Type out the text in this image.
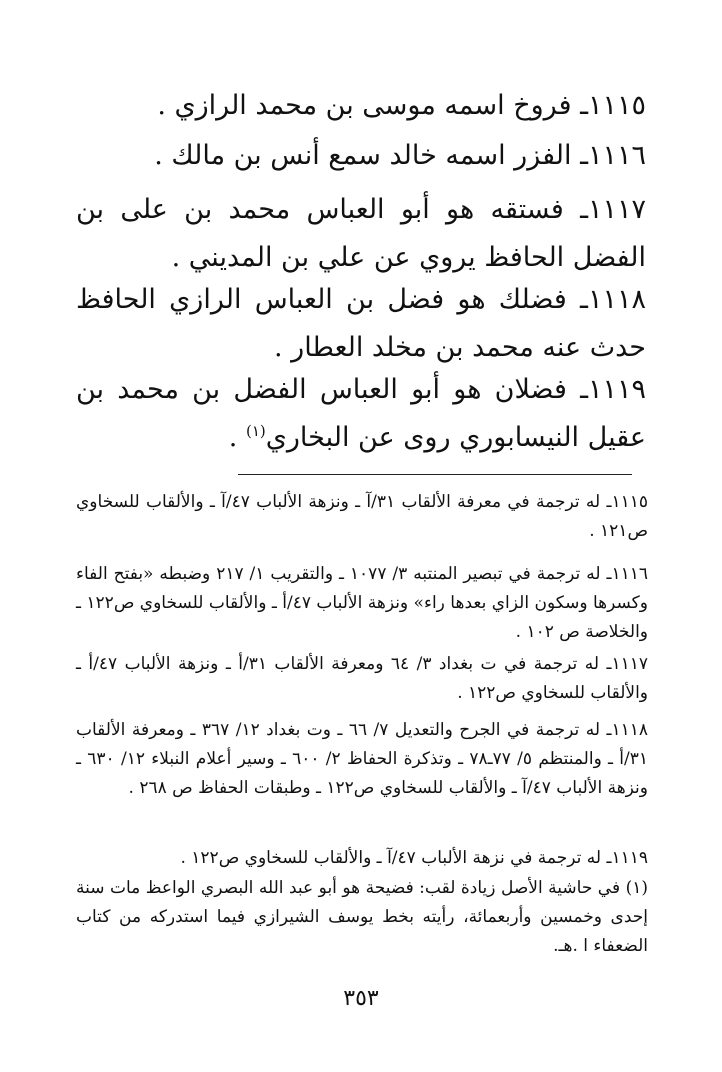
١١١٥ـ فروخ اسمه موسى بن محمد الرازي .

١١١٦ـ الفزر اسمه خالد سمع أنس بن مالك .

١١١٧ـ فستقه هو أبو العباس محمد بن على بن الفضل الحافظ يروي عن علي بن المديني .

١١١٨ـ فضلك هو فضل بن العباس الرازي الحافظ حدث عنه محمد بن مخلد العطار .

١١١٩ـ فضلان هو أبو العباس الفضل بن محمد بن عقيل النيسابوري روى عن البخاري$^{(١)}$ .

١١١٥ـ له ترجمة في معرفة الألقاب ٣١/آ ـ ونزهة الألباب ٤٧/آ ـ والألقاب للسخاوي ص١٢١ .

١١١٦ـ له ترجمة في تبصير المنتبه ٣/ ١٠٧٧ ـ والتقريب ١/ ٢١٧ وضبطه «بفتح الفاء وكسرها وسكون الزاي بعدها راء» ونزهة الألباب ٤٧/أ ـ والألقاب للسخاوي ص١٢٢ ـ والخلاصة ص ١٠٢ .

١١١٧ـ له ترجمة في ت بغداد ٣/ ٦٤ ومعرفة الألقاب ٣١/أ ـ ونزهة الألباب ٤٧/أ ـ والألقاب للسخاوي ص١٢٢ .

١١١٨ـ له ترجمة في الجرح والتعديل ٧/ ٦٦ ـ وت بغداد ١٢/ ٣٦٧ ـ ومعرفة الألقاب ٣١/أ ـ والمنتظم ٥/ ٧٧ـ٧٨ ـ وتذكرة الحفاظ ٢/ ٦٠٠ ـ وسير أعلام النبلاء ١٢/ ٦٣٠ ـ ونزهة الألباب ٤٧/آ ـ والألقاب للسخاوي ص١٢٢ ـ وطبقات الحفاظ ص ٢٦٨ .

١١١٩ـ له ترجمة في نزهة الألباب ٤٧/آ ـ والألقاب للسخاوي ص١٢٢ .

(١) في حاشية الأصل زيادة لقب: فضيحة هو أبو عبد الله البصري الواعظ مات سنة إحدى وخمسين وأربعمائة، رأيته بخط يوسف الشيرازي فيما استدركه من كتاب الضعفاء ا .هـ.

٣٥٣
